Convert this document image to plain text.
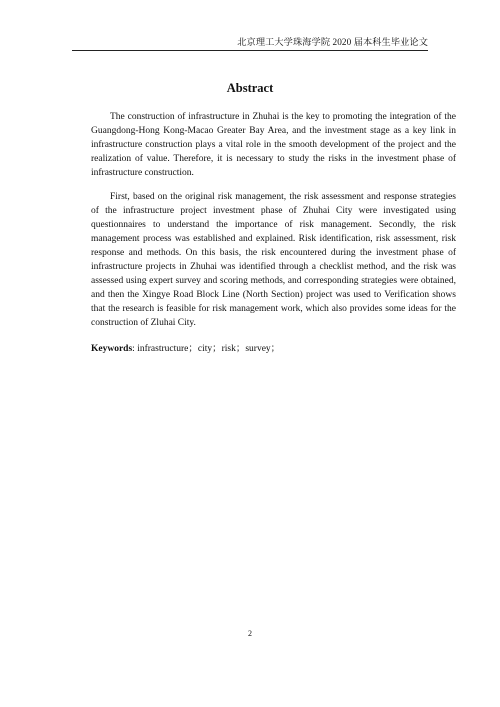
北京理工大学珠海学院 2020 届本科生毕业论文
Abstract

The construction of infrastructure in Zhuhai is the key to promoting the integration of the Guangdong-Hong Kong-Macao Greater Bay Area, and the investment stage as a key link in infrastructure construction plays a vital role in the smooth development of the project and the realization of value. Therefore, it is necessary to study the risks in the investment phase of infrastructure construction.

First, based on the original risk management, the risk assessment and response strategies of the infrastructure project investment phase of Zhuhai City were investigated using questionnaires to understand the importance of risk management. Secondly, the risk management process was established and explained. Risk identification, risk assessment, risk response and methods. On this basis, the risk encountered during the investment phase of infrastructure projects in Zhuhai was identified through a checklist method, and the risk was assessed using expert survey and scoring methods, and corresponding strategies were obtained, and then the Xingye Road Block Line (North Section) project was used to Verification shows that the research is feasible for risk management work, which also provides some ideas for the construction of Zluhai City.

Keywords: infrastructure；city；risk；survey；
2
